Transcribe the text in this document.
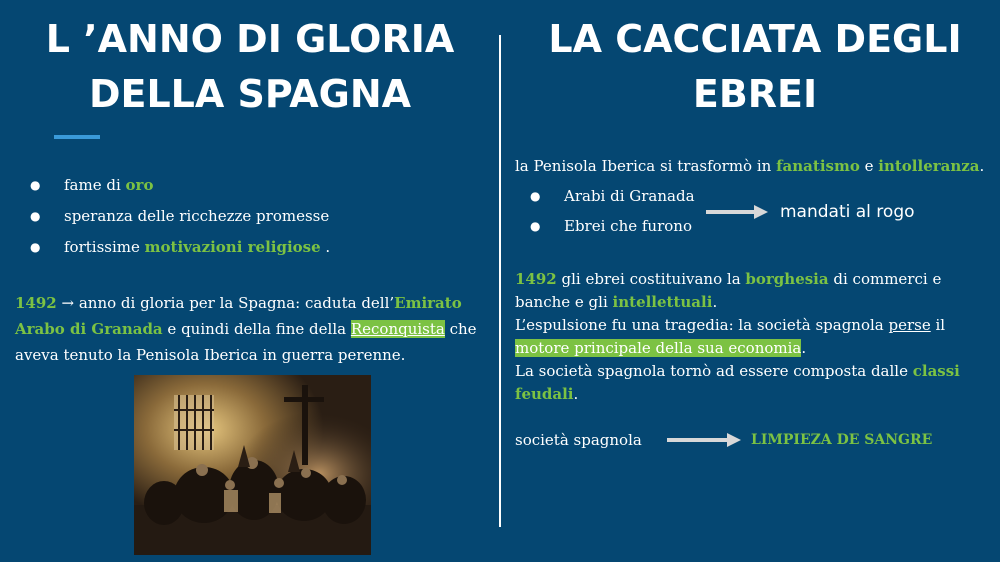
L ’ANNO DI GLORIA
DELLA SPAGNA
● fame di oro
● speranza delle ricchezze promesse
● fortissime motivazioni religiose .
1492 → anno di gloria per la Spagna: caduta dell’Emirato Arabo di Granada e quindi della fine della Reconquista che aveva tenuto la Penisola Iberica in guerra perenne.
LA CACCIATA DEGLI
EBREI
la Penisola Iberica si trasformò in fanatismo e intolleranza.
● Arabi di Granada
● Ebrei che furono
mandati al rogo
1492 gli ebrei costituivano la borghesia di commerci e banche e gli intellettuali.
L’espulsione fu una tragedia: la società spagnola perse il motore principale della sua economia.
La società spagnola tornò ad essere composta dalle classi feudali.
società spagnola	LIMPIEZA DE SANGRE
